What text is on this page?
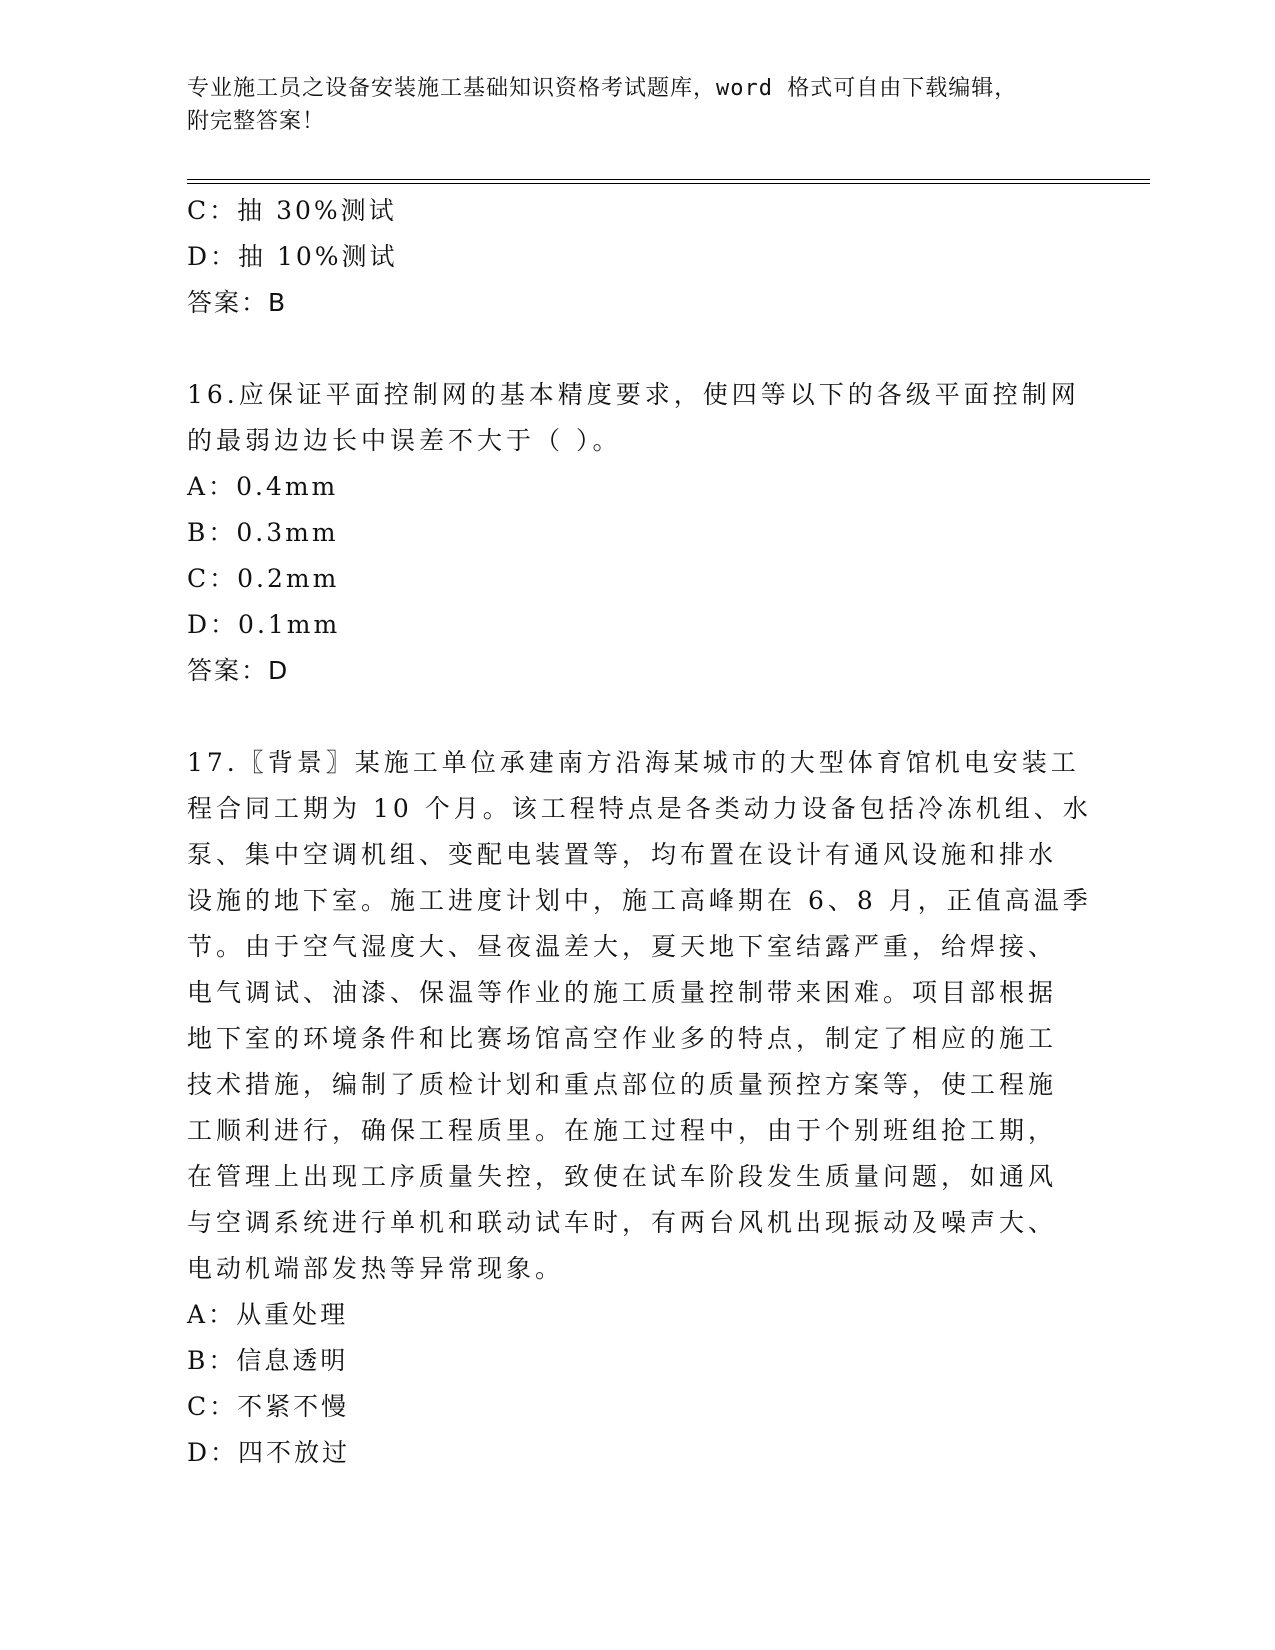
专业施工员之设备安装施工基础知识资格考试题库，word 格式可自由下载编辑，
附完整答案！
C：抽 30%测试
D：抽 10%测试
答案：B
16.应保证平面控制网的基本精度要求，使四等以下的各级平面控制网
的最弱边边长中误差不大于（ ）。
A：0.4mm
B：0.3mm
C：0.2mm
D：0.1mm
答案：D
17.〖背景〗某施工单位承建南方沿海某城市的大型体育馆机电安装工
程合同工期为 10 个月。该工程特点是各类动力设备包括冷冻机组、水
泵、集中空调机组、变配电装置等，均布置在设计有通风设施和排水
设施的地下室。施工进度计划中，施工高峰期在 6、8 月，正值高温季
节。由于空气湿度大、昼夜温差大，夏天地下室结露严重，给焊接、
电气调试、油漆、保温等作业的施工质量控制带来困难。项目部根据
地下室的环境条件和比赛场馆高空作业多的特点，制定了相应的施工
技术措施，编制了质检计划和重点部位的质量预控方案等，使工程施
工顺利进行，确保工程质里。在施工过程中，由于个别班组抢工期，
在管理上出现工序质量失控，致使在试车阶段发生质量问题，如通风
与空调系统进行单机和联动试车时，有两台风机出现振动及噪声大、
电动机端部发热等异常现象。
A：从重处理
B：信息透明
C：不紧不慢
D：四不放过
